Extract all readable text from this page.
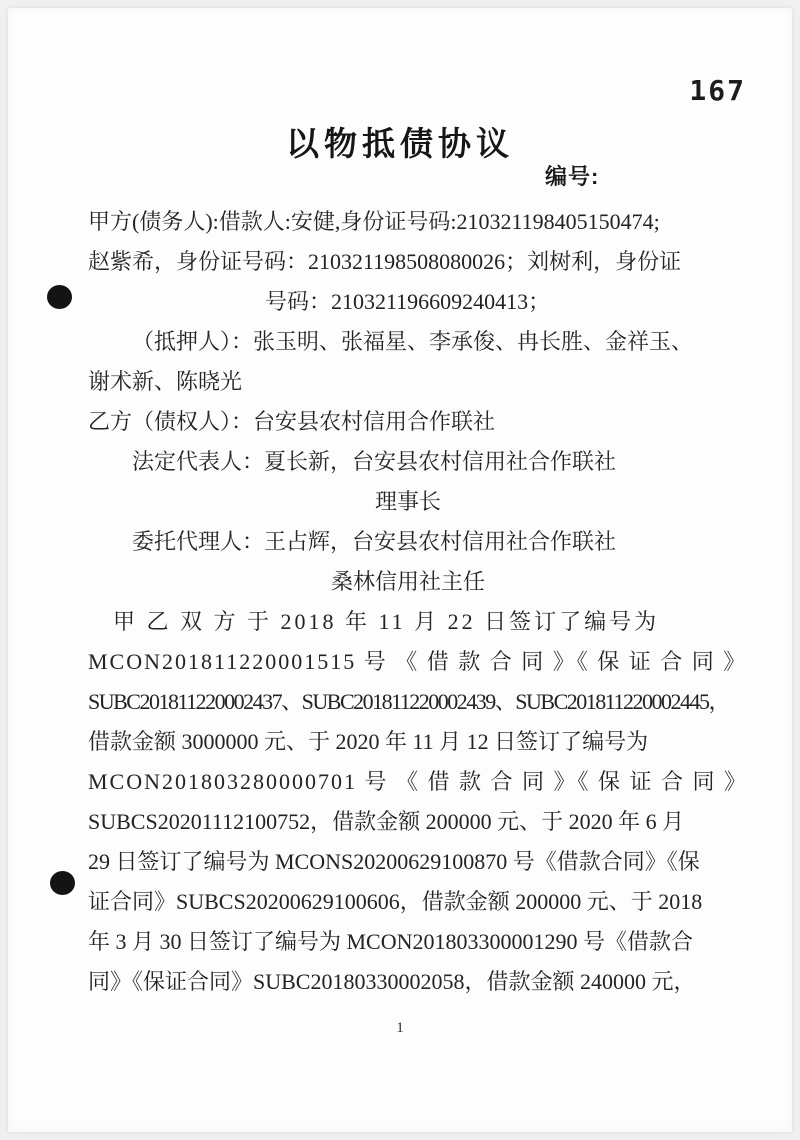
167
以物抵债协议
编号:
甲方(债务人):借款人:安健,身份证号码:210321198405150474;
赵紫希，身份证号码：210321198508080026；刘树利，身份证
号码：210321196609240413；
（抵押人）：张玉明、张福星、李承俊、冉长胜、金祥玉、
谢术新、陈晓光
乙方（债权人）：台安县农村信用合作联社
法定代表人：夏长新，台安县农村信用社合作联社
理事长
委托代理人：王占辉，台安县农村信用社合作联社
桑林信用社主任
甲 乙 双 方 于 2018 年 11 月 22 日签订了编号为
MCON201811220001515 号 《 借 款 合 同 》《 保 证 合 同 》
SUBC201811220002437、SUBC201811220002439、SUBC201811220002445，
借款金额 3000000 元、于 2020 年 11 月 12 日签订了编号为
MCON201803280000701 号 《 借 款 合 同 》《 保 证 合 同 》
SUBCS20201112100752，借款金额 200000 元、于 2020 年 6 月
29 日签订了编号为 MCONS20200629100870 号《借款合同》《保
证合同》SUBCS20200629100606，借款金额 200000 元、于 2018
年 3 月 30 日签订了编号为 MCON201803300001290 号《借款合
同》《保证合同》SUBC20180330002058，借款金额 240000 元，
1
